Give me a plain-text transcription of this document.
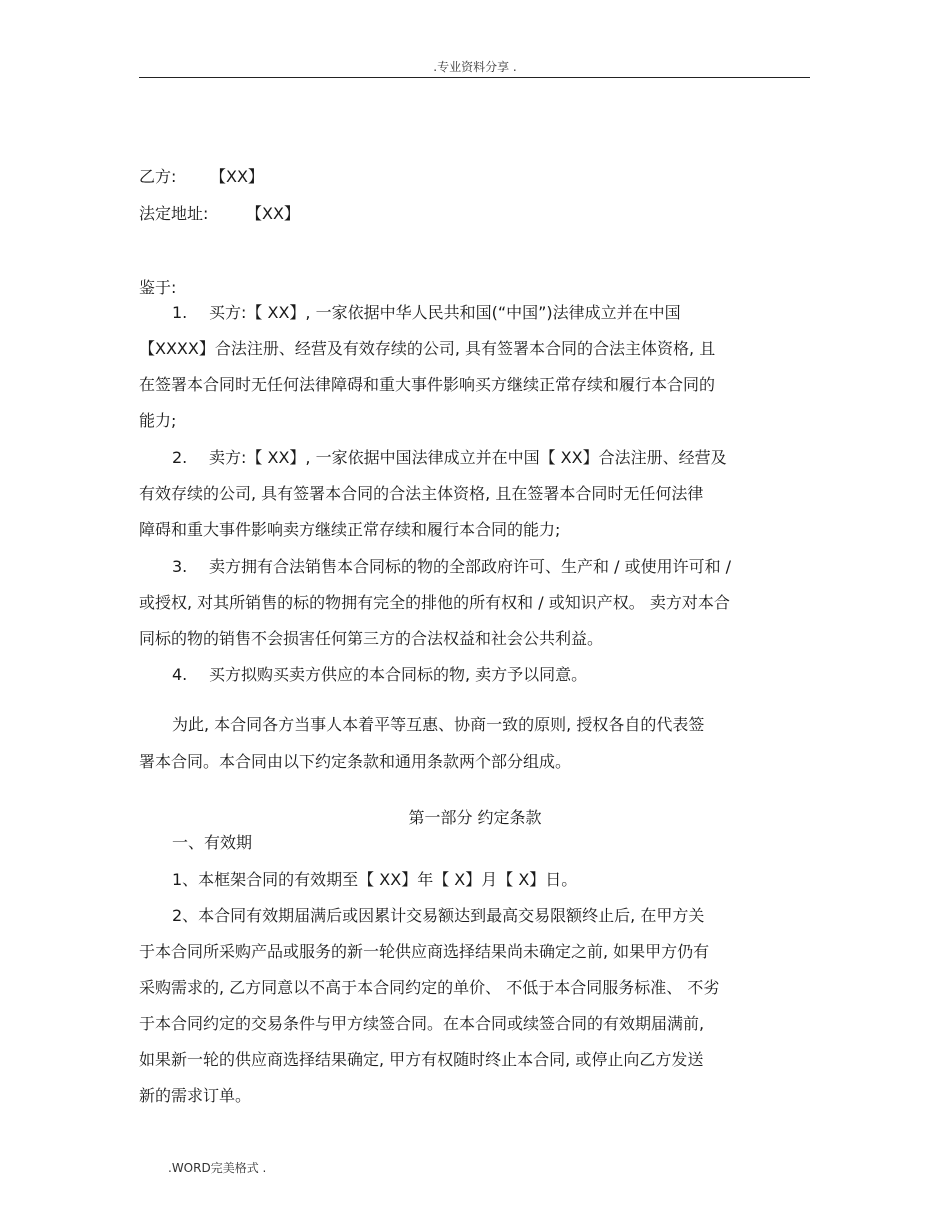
.专业资料分享 .
乙方: 【XX】
法定地址: 【XX】
鉴于:
1. 买方:【 XX】, 一家依据中华人民共和国(“中国”)法律成立并在中国
【XXXX】合法注册、经营及有效存续的公司, 具有签署本合同的合法主体资格, 且
在签署本合同时无任何法律障碍和重大事件影响买方继续正常存续和履行本合同的
能力;
2. 卖方:【 XX】, 一家依据中国法律成立并在中国【 XX】合法注册、经营及
有效存续的公司, 具有签署本合同的合法主体资格, 且在签署本合同时无任何法律
障碍和重大事件影响卖方继续正常存续和履行本合同的能力;
3. 卖方拥有合法销售本合同标的物的全部政府许可、生产和 / 或使用许可和 /
或授权, 对其所销售的标的物拥有完全的排他的所有权和 / 或知识产权。 卖方对本合
同标的物的销售不会损害任何第三方的合法权益和社会公共利益。
4. 买方拟购买卖方供应的本合同标的物, 卖方予以同意。
为此, 本合同各方当事人本着平等互惠、协商一致的原则, 授权各自的代表签
署本合同。本合同由以下约定条款和通用条款两个部分组成。
第一部分 约定条款
一、有效期
1、本框架合同的有效期至【 XX】年【 X】月【 X】日。
2、本合同有效期届满后或因累计交易额达到最高交易限额终止后, 在甲方关
于本合同所采购产品或服务的新一轮供应商选择结果尚未确定之前, 如果甲方仍有
采购需求的, 乙方同意以不高于本合同约定的单价、 不低于本合同服务标准、 不劣
于本合同约定的交易条件与甲方续签合同。在本合同或续签合同的有效期届满前,
如果新一轮的供应商选择结果确定, 甲方有权随时终止本合同, 或停止向乙方发送
新的需求订单。
.WORD完美格式 .
